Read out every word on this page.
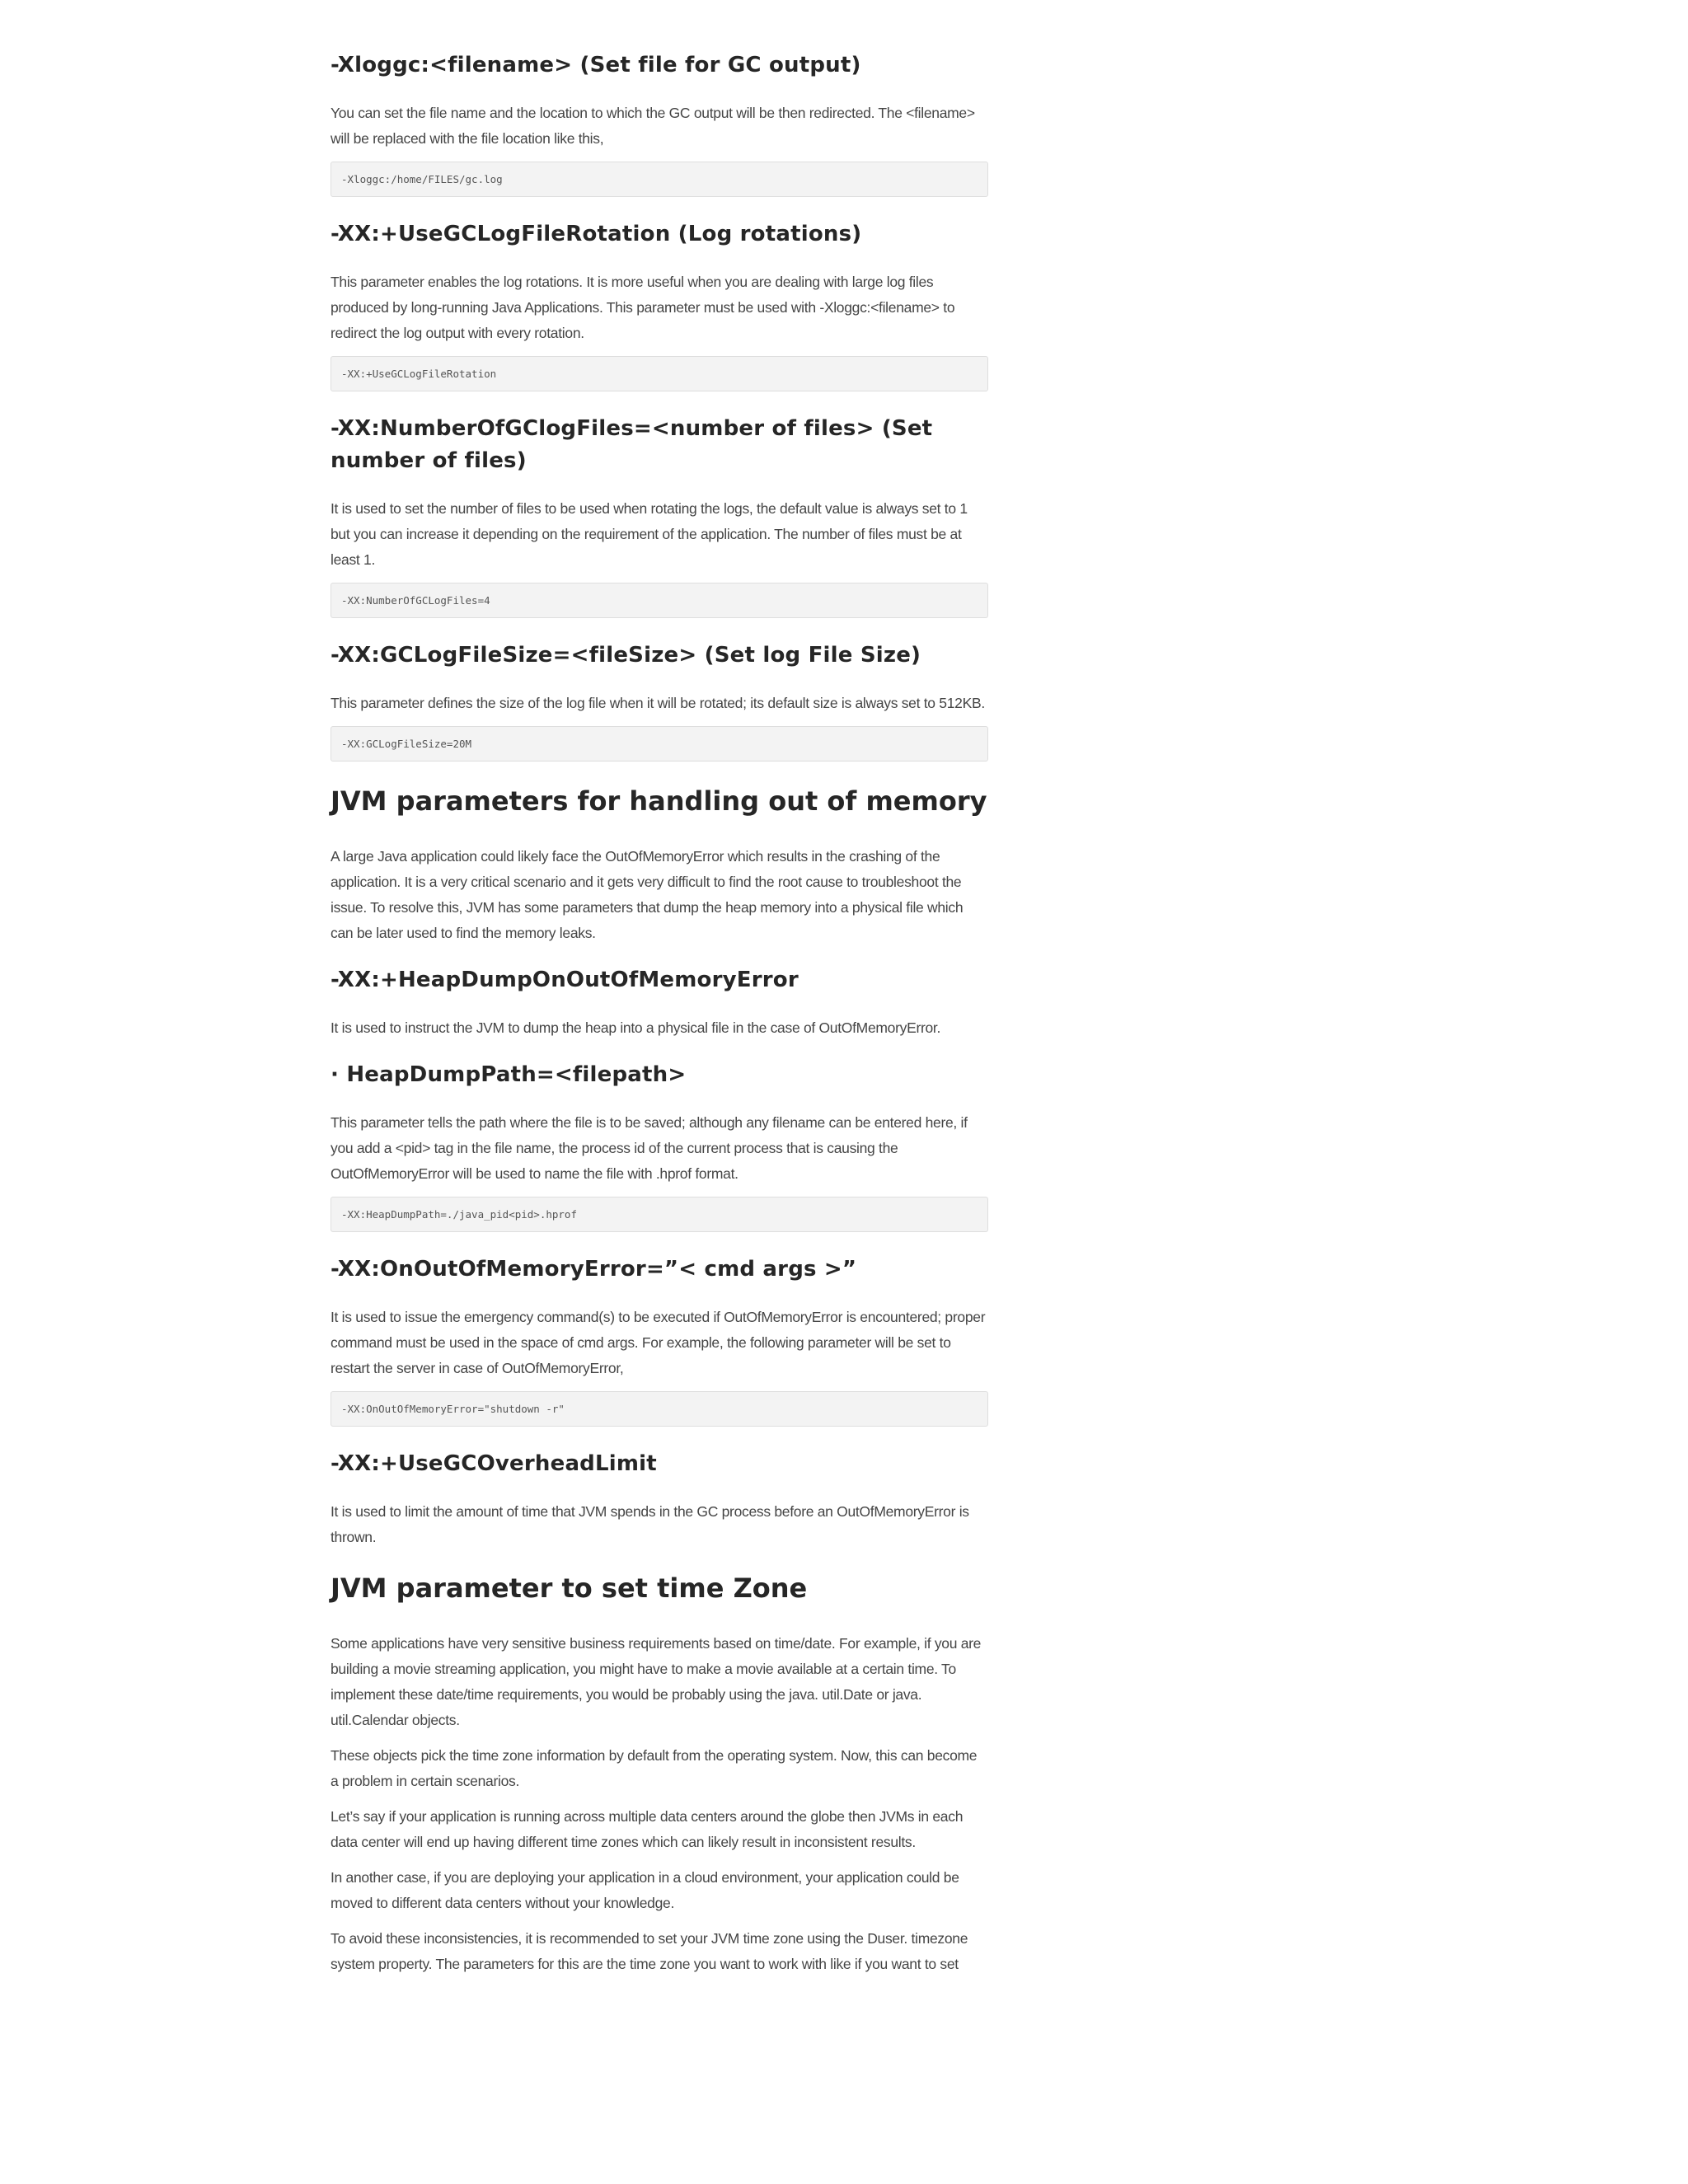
-Xloggc:<filename> (Set file for GC output)
You can set the file name and the location to which the GC output will be then redirected. The <filename> will be replaced with the file location like this,
-Xloggc:/home/FILES/gc.log
-XX:+UseGCLogFileRotation (Log rotations)
This parameter enables the log rotations. It is more useful when you are dealing with large log files produced by long-running Java Applications. This parameter must be used with -Xloggc:<filename> to redirect the log output with every rotation.
-XX:+UseGCLogFileRotation
-XX:NumberOfGClogFiles=<number of files> (Set number of files)
It is used to set the number of files to be used when rotating the logs, the default value is always set to 1 but you can increase it depending on the requirement of the application. The number of files must be at least 1.
-XX:NumberOfGCLogFiles=4
-XX:GCLogFileSize=<fileSize> (Set log File Size)
This parameter defines the size of the log file when it will be rotated; its default size is always set to 512KB.
-XX:GCLogFileSize=20M
JVM parameters for handling out of memory
A large Java application could likely face the OutOfMemoryError which results in the crashing of the application. It is a very critical scenario and it gets very difficult to find the root cause to troubleshoot the issue. To resolve this, JVM has some parameters that dump the heap memory into a physical file which can be later used to find the memory leaks.
-XX:+HeapDumpOnOutOfMemoryError
It is used to instruct the JVM to dump the heap into a physical file in the case of OutOfMemoryError.
· HeapDumpPath=<filepath>
This parameter tells the path where the file is to be saved; although any filename can be entered here, if you add a <pid> tag in the file name, the process id of the current process that is causing the OutOfMemoryError will be used to name the file with .hprof format.
-XX:HeapDumpPath=./java_pid<pid>.hprof
-XX:OnOutOfMemoryError=”< cmd args >”
It is used to issue the emergency command(s) to be executed if OutOfMemoryError is encountered; proper command must be used in the space of cmd args. For example, the following parameter will be set to restart the server in case of OutOfMemoryError,
-XX:OnOutOfMemoryError="shutdown -r"
-XX:+UseGCOverheadLimit
It is used to limit the amount of time that JVM spends in the GC process before an OutOfMemoryError is thrown.
JVM parameter to set time Zone
Some applications have very sensitive business requirements based on time/date. For example, if you are building a movie streaming application, you might have to make a movie available at a certain time. To implement these date/time requirements, you would be probably using the java. util.Date or java. util.Calendar objects.
These objects pick the time zone information by default from the operating system. Now, this can become a problem in certain scenarios.
Let’s say if your application is running across multiple data centers around the globe then JVMs in each data center will end up having different time zones which can likely result in inconsistent results.
In another case, if you are deploying your application in a cloud environment, your application could be moved to different data centers without your knowledge.
To avoid these inconsistencies, it is recommended to set your JVM time zone using the Duser. timezone system property. The parameters for this are the time zone you want to work with like if you want to set
